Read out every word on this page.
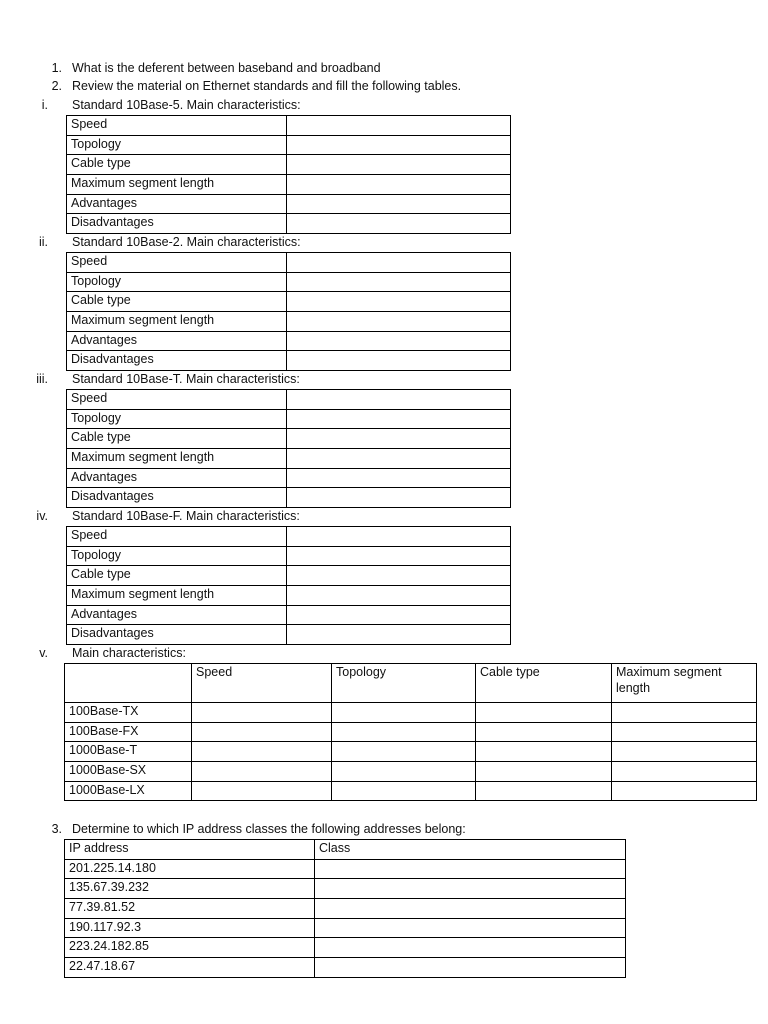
1. What is the deferent between baseband and broadband
2. Review the material on Ethernet standards and fill the following tables.
i. Standard 10Base-5. Main characteristics:
Speed	
Topology	
Cable type	
Maximum segment length	
Advantages	
Disadvantages	
ii. Standard 10Base-2. Main characteristics:
Speed	
Topology	
Cable type	
Maximum segment length	
Advantages	
Disadvantages	
iii. Standard 10Base-T. Main characteristics:
Speed	
Topology	
Cable type	
Maximum segment length	
Advantages	
Disadvantages	
iv. Standard 10Base-F. Main characteristics:
Speed	
Topology	
Cable type	
Maximum segment length	
Advantages	
Disadvantages	
v. Main characteristics:
	Speed	Topology	Cable type	Maximum segment length
100Base-TX				
100Base-FX				
1000Base-T				
1000Base-SX				
1000Base-LX				
3. Determine to which IP address classes the following addresses belong:
IP address	Class
201.225.14.180	
135.67.39.232	
77.39.81.52	
190.117.92.3	
223.24.182.85	
22.47.18.67	
